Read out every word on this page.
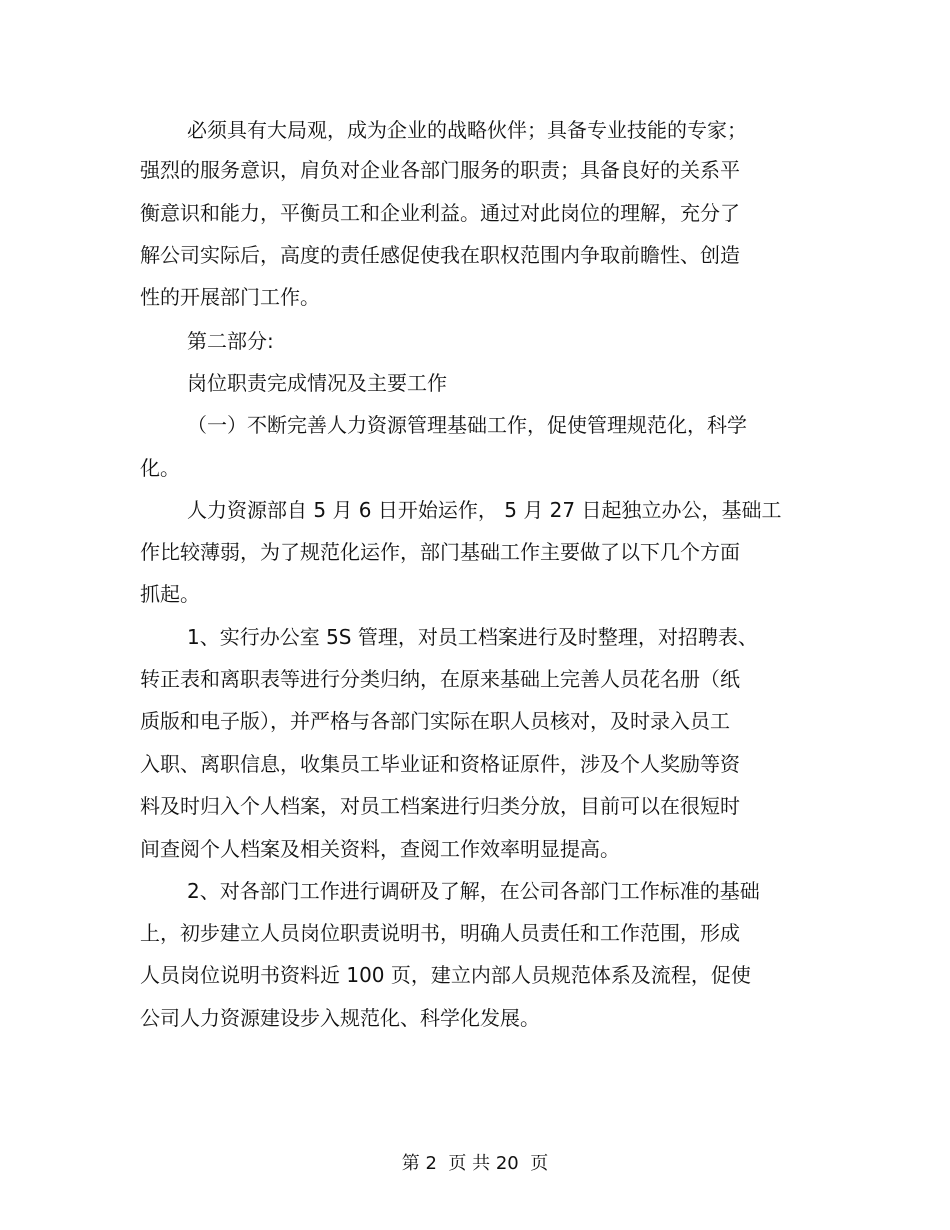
必须具有大局观，成为企业的战略伙伴；具备专业技能的专家；
强烈的服务意识，肩负对企业各部门服务的职责；具备良好的关系平
衡意识和能力，平衡员工和企业利益。通过对此岗位的理解，充分了
解公司实际后，高度的责任感促使我在职权范围内争取前瞻性、创造
性的开展部门工作。
第二部分:
岗位职责完成情况及主要工作
（一）不断完善人力资源管理基础工作，促使管理规范化，科学
化。
人力资源部自 5 月 6 日开始运作， 5 月 27 日起独立办公，基础工
作比较薄弱，为了规范化运作，部门基础工作主要做了以下几个方面
抓起。
1、实行办公室 5S 管理，对员工档案进行及时整理，对招聘表、
转正表和离职表等进行分类归纳，在原来基础上完善人员花名册（纸
质版和电子版），并严格与各部门实际在职人员核对，及时录入员工
入职、离职信息，收集员工毕业证和资格证原件，涉及个人奖励等资
料及时归入个人档案，对员工档案进行归类分放，目前可以在很短时
间查阅个人档案及相关资料，查阅工作效率明显提高。
2、对各部门工作进行调研及了解，在公司各部门工作标准的基础
上，初步建立人员岗位职责说明书，明确人员责任和工作范围，形成
人员岗位说明书资料近 100 页，建立内部人员规范体系及流程，促使
公司人力资源建设步入规范化、科学化发展。
第 2  页 共 20  页
